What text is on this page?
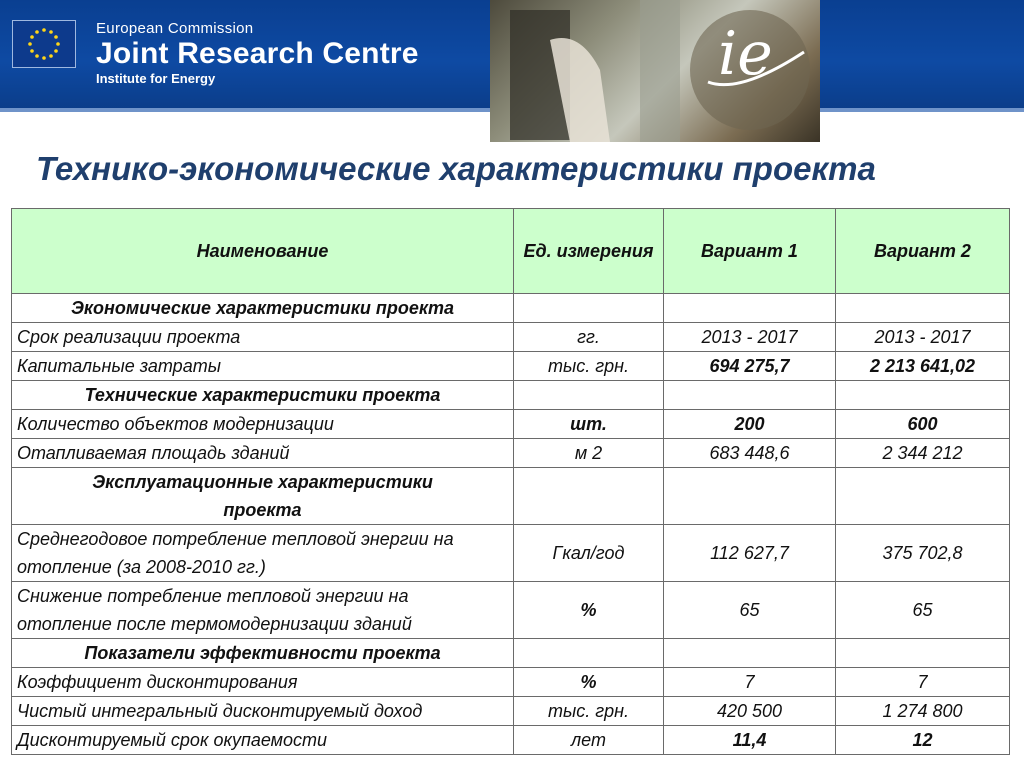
European Commission
Joint Research Centre
Institute for Energy	ie
Технико-экономические характеристики проекта
Наименование	Ед. измерения	Вариант 1	Вариант 2
Экономические характеристики проекта			
Срок реализации проекта	гг.	2013 - 2017	2013 - 2017
Капитальные затраты	тыс. грн.	694 275,7	2 213 641,02
Технические характеристики проекта			
Количество объектов модернизации	шт.	200	600
Отапливаемая площадь зданий	м 2	683 448,6	2 344 212
Эксплуатационные характеристики проекта			
Среднегодовое потребление тепловой энергии на отопление (за 2008-2010 гг.)	Гкал/год	112 627,7	375 702,8
Снижение потребление тепловой энергии на отопление после термомодернизации зданий	%	65	65
Показатели эффективности проекта			
Коэффициент дисконтирования	%	7	7
Чистый интегральный дисконтируемый доход	тыс. грн.	420 500	1 274 800
Дисконтируемый срок окупаемости	лет	11,4	12
